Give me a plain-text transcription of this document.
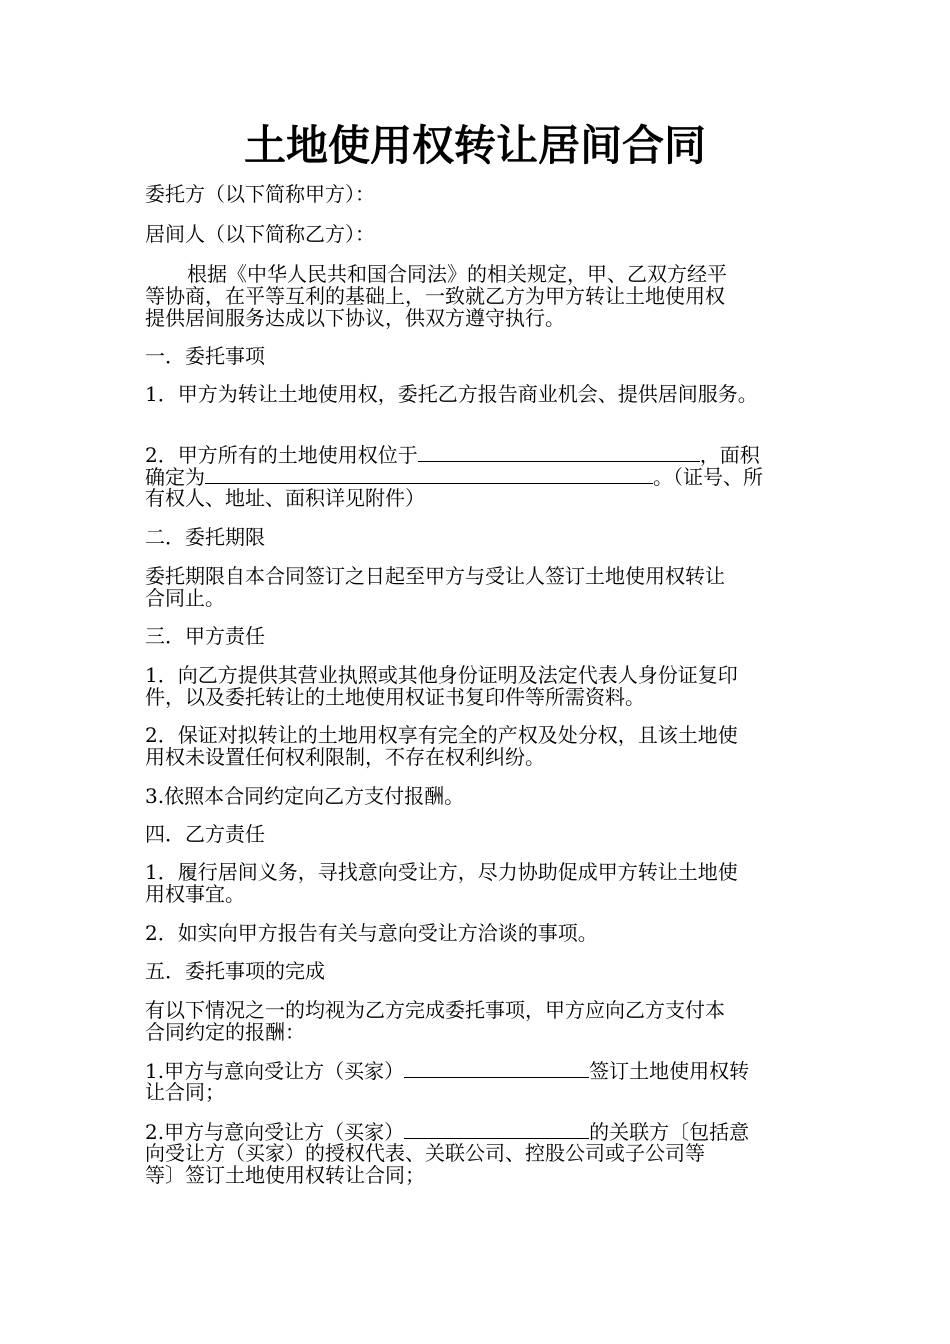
土地使用权转让居间合同
委托方（以下简称甲方）：
居间人（以下简称乙方）：
根据《中华人民共和国合同法》的相关规定，甲、乙双方经平
等协商，在平等互利的基础上，一致就乙方为甲方转让土地使用权
提供居间服务达成以下协议，供双方遵守执行。
一．委托事项
1．甲方为转让土地使用权，委托乙方报告商业机会、提供居间服务。
2．甲方所有的土地使用权位于	，面积
确定为	。（证号、所
有权人、地址、面积详见附件）
二．委托期限
委托期限自本合同签订之日起至甲方与受让人签订土地使用权转让
合同止。
三．甲方责任
1．向乙方提供其营业执照或其他身份证明及法定代表人身份证复印
件，以及委托转让的土地使用权证书复印件等所需资料。
2．保证对拟转让的土地用权享有完全的产权及处分权，且该土地使
用权未设置任何权利限制，不存在权利纠纷。
3.依照本合同约定向乙方支付报酬。
四．乙方责任
1．履行居间义务，寻找意向受让方，尽力协助促成甲方转让土地使
用权事宜。
2．如实向甲方报告有关与意向受让方洽谈的事项。
五．委托事项的完成
有以下情况之一的均视为乙方完成委托事项，甲方应向乙方支付本
合同约定的报酬：
1.甲方与意向受让方（买家）	签订土地使用权转
让合同；
2.甲方与意向受让方（买家）	的关联方〔包括意
向受让方（买家）的授权代表、关联公司、控股公司或子公司等
等〕签订土地使用权转让合同；
